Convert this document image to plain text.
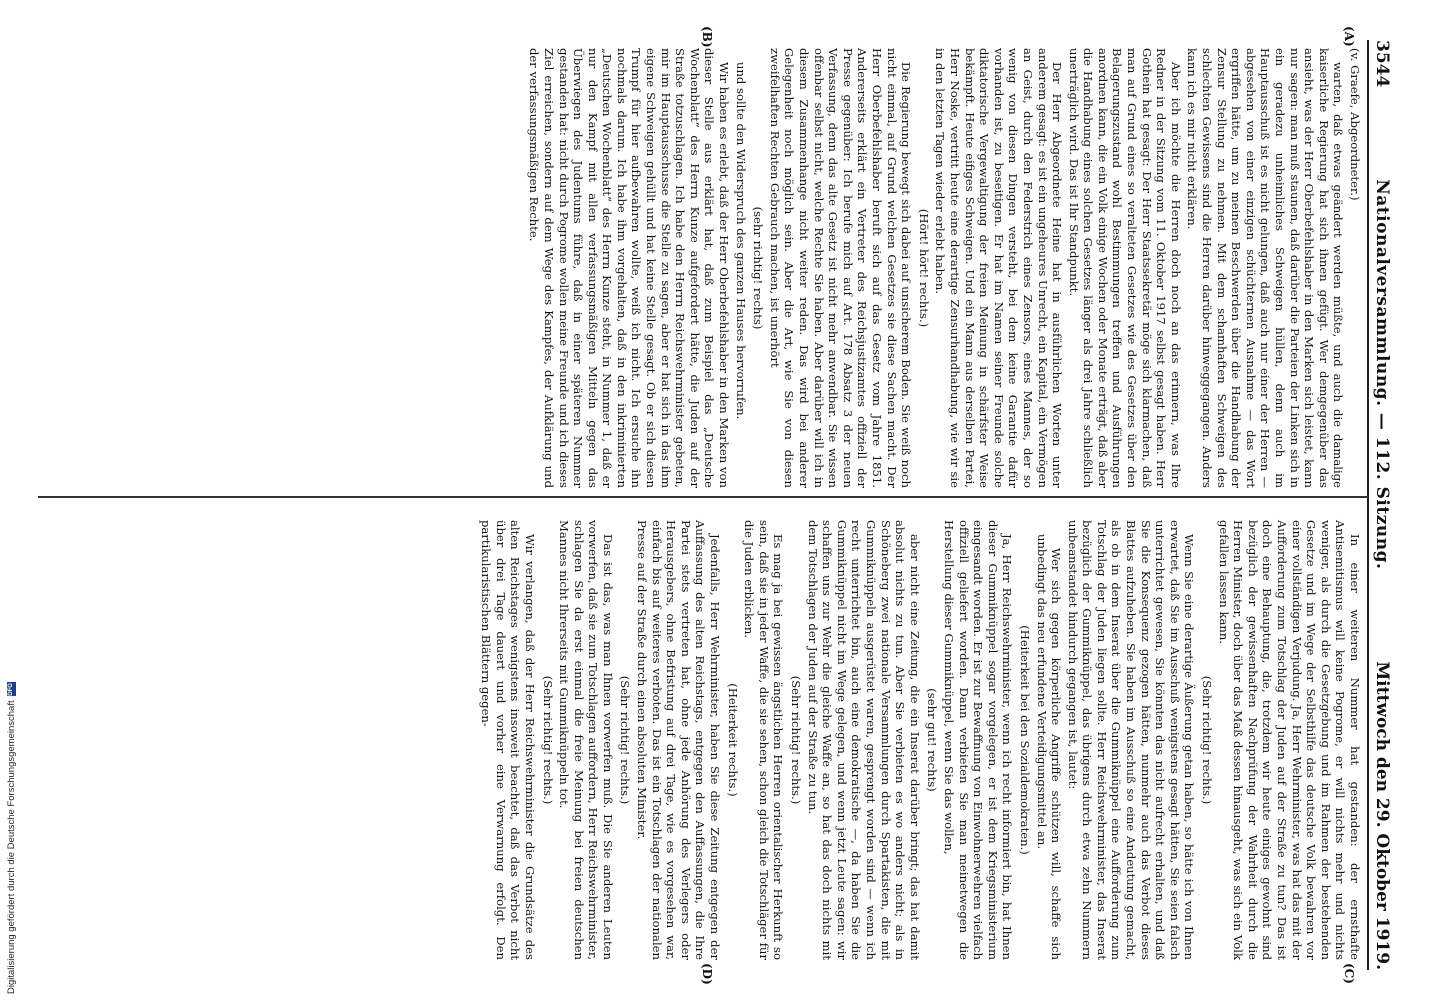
3544
Nationalversammlung. — 112. Sitzung.
Mittwoch den 29. Oktober 1919.
(A)
(B)
(C)
(D)

(v. Graefe, Abgeordneter.)

warten, daß etwas geändert werden müßte, und auch die damalige kaiserliche Regierung hat sich ihnen gefügt. Wer demgegenüber das ansieht, was der Herr Oberbefehlshaber in den Marken sich leistet, kann nur sagen: man muß staunen, daß darüber die Parteien der Linken sich in ein geradezu unheimliches Schweigen hüllen, denn auch im Hauptausschuß ist es nicht gelungen, daß auch nur einer der Herren — abgesehen von einer einzigen schüchternen Ausnahme — das Wort ergriffen hätte, um zu meinen Beschwerden über die Handhabung der Zensur Stellung zu nehmen. Mit dem schamhaften Schweigen des schlechten Gewissens sind die Herren darüber hinweggegangen. Anders kann ich es mir nicht erklären.

Aber ich möchte die Herren doch noch an das erinnern, was Ihre Redner in der Sitzung vom 11. Oktober 1917 selbst gesagt haben. Herr Gothein hat gesagt: Der Herr Staatssekretär möge sich klarmachen, daß man auf Grund eines so veralteten Gesetzes wie des Gesetzes über den Belagerungszustand wohl Bestimmungen treffen und Ausführungen anordnen kann, die ein Volk einige Wochen oder Monate erträgt, daß aber die Handhabung eines solchen Gesetzes länger als drei Jahre schließlich unerträglich wird. Das ist Ihr Standpunkt.

Der Herr Abgeordnete Heine hat in ausführlichen Worten unter anderem gesagt: es ist ein ungeheures Unrecht, ein Kapital, ein Vermögen an Geist, durch den Federstrich eines Zensors, eines Mannes, der so wenig von diesen Dingen versteht, bei dem keine Garantie dafür vorhanden ist, zu beseitigen. Er hat im Namen seiner Freunde solche diktatorische Vergewaltigung der freien Meinung in schärfster Weise bekämpft. Heute eifiges Schweigen. Und ein Mann aus derselben Partei, Herr Noske, vertritt heute eine derartige Zensurhandhabung, wie wir sie in den letzten Tagen wieder erlebt haben.

(Hört! hört! rechts.)

Die Regierung bewegt sich dabei auf unsicherem Boden. Sie weiß noch nicht einmal, auf Grund welchen Gesetzes sie diese Sachen macht. Der Herr Oberbefehlshaber beruft sich auf das Gesetz vom Jahre 1851. Andererseits erklärt ein Vertreter des Reichsjustizamtes offiziell der Presse gegenüber: Ich berufe mich auf Art. 178 Absatz 3 der neuen Verfassung, denn das alte Gesetz ist nicht mehr anwendbar. Sie wissen offenbar selbst nicht, welche Rechte Sie haben. Aber darüber will ich in diesem Zusammenhange nicht weiter reden. Das wird bei anderer Gelegenheit noch möglich sein. Aber die Art, wie Sie von diesen zweifelhaften Rechten Gebrauch machen, ist unerhört

(sehr richtig! rechts)

und sollte den Widerspruch des ganzen Hauses hervorrufen.

Wir haben es erlebt, daß der Herr Oberbefehlshaber in den Marken von dieser Stelle aus erklärt hat, daß zum Beispiel das „Deutsche Wochenblatt“ des Herrn Kunze aufgefordert hätte, die Juden auf der Straße totzuschlagen. Ich habe den Herrn Reichswehrminister gebeten, mir im Hauptausschusse die Stelle zu sagen, aber er hat sich in das ihm eigene Schweigen gehüllt und hat keine Stelle gesagt. Ob er sich diesen Trumpf für hier aufbewahren wollte, weiß ich nicht. Ich ersuche ihn nochmals darum. Ich habe ihm vorgehalten, daß in den inkriminierten „Deutschen Wochenblatt“ des Herrn Kunze steht, in Nummer 1, daß er nur den Kampf mit allen verfassungsmäßigen Mitteln gegen das Überwiegen des Judentums führe, daß in einer späteren Nummer gestanden hat: nicht durch Pogrome wollen meine Freunde und ich dieses Ziel erreichen, sondern auf dem Wege des Kampfes, der Aufklärung und der verfassungsmäßigen Rechte.

In einer weiteren Nummer hat gestanden: der ernsthafte Antisemitismus will keine Pogrome, er will nichts mehr und nichts weniger, als durch die Gesetzgebung und im Rahmen der bestehenden Gesetze und im Wege der Selbsthilfe das deutsche Volk bewahren vor einer vollständigen Verjudung. Ja, Herr Wehrminister, was hat das mit der Aufforderung zum Totschlag der Juden auf der Straße zu tun? Das ist doch eine Behauptung, die, trotzdem wir heute einiges gewohnt sind bezüglich der gewissenhaften Nachprüfung der Wahrheit durch die Herren Minister, doch über das Maß dessen hinausgeht, was sich ein Volk gefallen lassen kann.

(Sehr richtig! rechts.)

Wenn Sie eine derartige Äußerung getan haben, so hätte ich von Ihnen erwartet, daß Sie im Ausschuß wenigstens gesagt hätten, Sie seien falsch unterrichtet gewesen, Sie könnten das nicht aufrecht erhalten, und daß Sie die Konsequenz gezogen hätten, nunmehr auch das Verbot dieses Blattes aufzuheben. Sie haben im Ausschuß so eine Andeutung gemacht, als ob in dem Inserat über die Gummiknüppel eine Aufforderung zum Totschlag der Juden liegen sollte. Herr Reichswehrminister, das Inserat bezüglich der Gummiknüppel, das übrigens durch etwa zehn Nummern unbeanstandet hindurch gegangen ist, lautet:

Wer sich gegen körperliche Angriffe schützen will, schaffe sich unbedingt das neu erfundene Verteidigungsmittel an.

(Heiterkeit bei den Sozialdemokraten.)

Ja, Herr Reichswehrminister, wenn ich recht informiert bin, hat Ihnen dieser Gummiknüppel sogar vorgelegen, er ist dem Kriegsministerium eingesandt worden. Er ist zur Bewaffnung von Einwohnerwehren vielfach offiziell geliefert worden. Dann verbieten Sie man meinetwegen die Herstellung dieser Gummiknüppel, wenn Sie das wollen,

(sehr gut! rechts)

aber nicht eine Zeitung, die ein Inserat darüber bringt; das hat damit absolut nichts zu tun. Aber Sie verbieten es wo anders nicht; als in Schöneberg zwei nationale Versammlungen durch Spartakisten, die mit Gummiknüppeln ausgerüstet waren, gesprengt worden sind — wenn ich recht unterrichtet bin, auch eine demokratische —, da haben Sie die Gummiknüppel nicht im Wege gelegen, und wenn jetzt Leute sagen: wir schaffen uns zur Wehr die gleiche Waffe an, so hat das doch nichts mit dem Totschlagen der Juden auf der Straße zu tun.

(Sehr richtig! rechts.)

Es mag ja bei gewissen ängstlichen Herren orientalischer Herkunft so sein, daß sie in jeder Waffe, die sie sehen, schon gleich die Totschläger für die Juden erblicken.

(Heiterkeit rechts.)

Jedenfalls, Herr Wehrminister, haben Sie diese Zeitung entgegen der Auffassung des alten Reichstags, entgegen den Auffassungen, die Ihre Partei stets vertreten hat, ohne jede Anhörung des Verlegers oder Herausgebers, ohne Befristung auf drei Tage, wie es vorgesehen war, einfach bis auf weiteres verboten. Das ist ein Totschlagen der nationalen Presse auf der Straße durch einen absoluten Minister.

(Sehr richtig! rechts.)

Das ist das, was man Ihnen vorwerfen muß. Die Sie anderen Leuten vorwerfen, daß sie zum Totschlagen auffordern, Herr Reichswehrminister, schlagen Sie da erst einmal die freie Meinung bei freien deutschen Mannes nicht Ihrerseits mit Gummiknüppeln tot.

(Sehr richtig! rechts.)

Wir verlangen, daß der Herr Reichswehrminister die Grundsätze des alten Reichstages wenigstens insoweit beachtet, daß das Verbot nicht über drei Tage dauert und vorher eine Verwarnung erfolgt. Den partikularistischen Blättern gegen-

Digitalisierung gefördert durch die Deutsche Forschungsgemeinschaft
DFG
